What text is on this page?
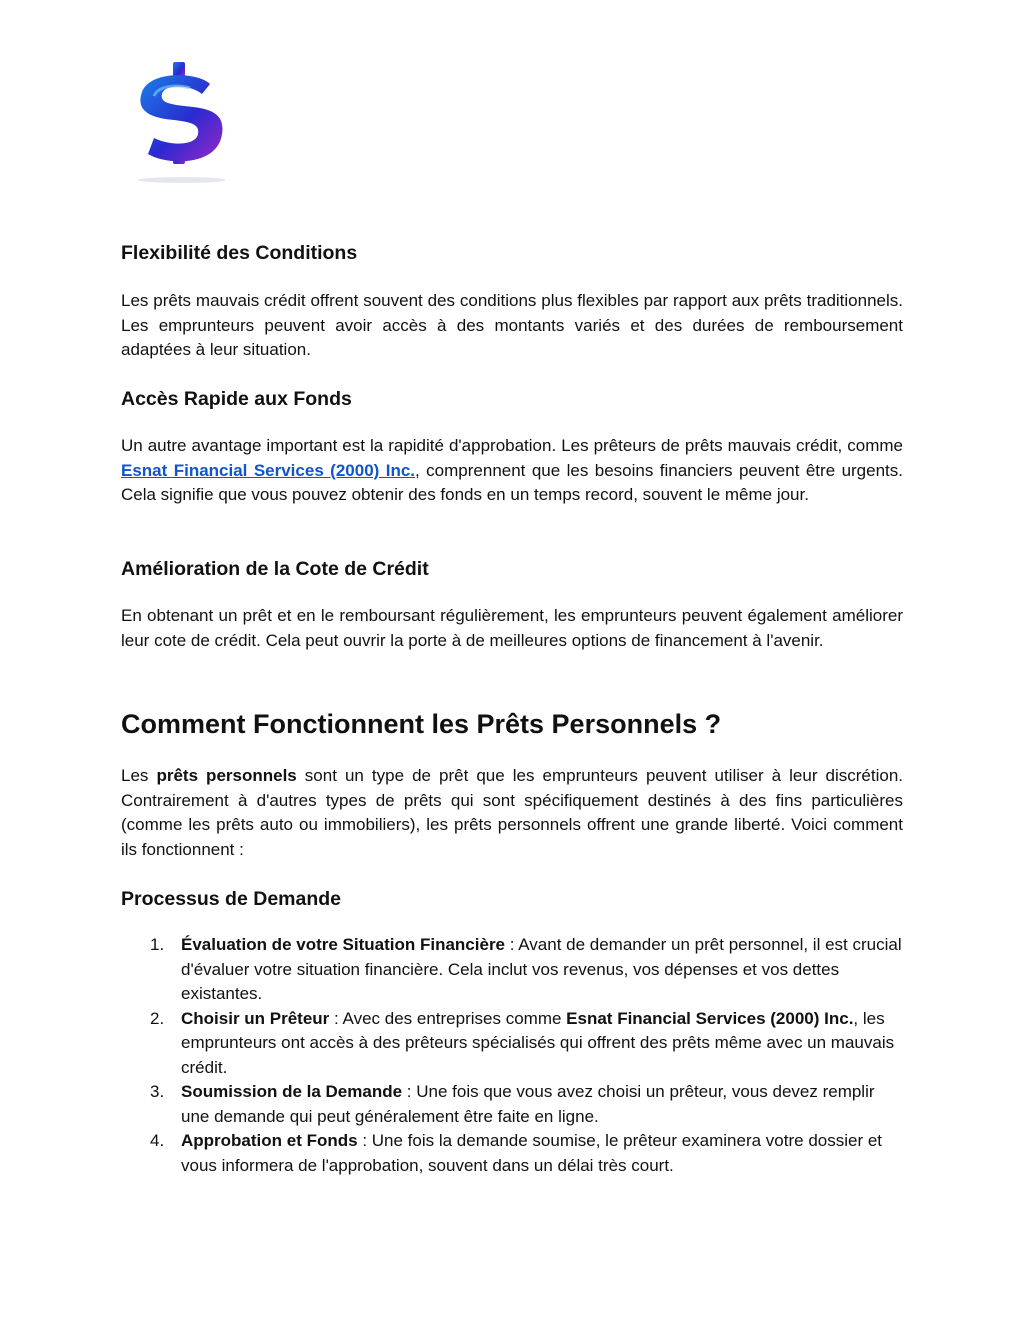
Flexibilité des Conditions

Les prêts mauvais crédit offrent souvent des conditions plus flexibles par rapport aux prêts traditionnels. Les emprunteurs peuvent avoir accès à des montants variés et des durées de remboursement adaptées à leur situation.

Accès Rapide aux Fonds

Un autre avantage important est la rapidité d'approbation. Les prêteurs de prêts mauvais crédit, comme Esnat Financial Services (2000) Inc., comprennent que les besoins financiers peuvent être urgents. Cela signifie que vous pouvez obtenir des fonds en un temps record, souvent le même jour.

Amélioration de la Cote de Crédit

En obtenant un prêt et en le remboursant régulièrement, les emprunteurs peuvent également améliorer leur cote de crédit. Cela peut ouvrir la porte à de meilleures options de financement à l'avenir.

Comment Fonctionnent les Prêts Personnels ?

Les prêts personnels sont un type de prêt que les emprunteurs peuvent utiliser à leur discrétion. Contrairement à d'autres types de prêts qui sont spécifiquement destinés à des fins particulières (comme les prêts auto ou immobiliers), les prêts personnels offrent une grande liberté. Voici comment ils fonctionnent :

Processus de Demande
1. Évaluation de votre Situation Financière : Avant de demander un prêt personnel, il est crucial d'évaluer votre situation financière. Cela inclut vos revenus, vos dépenses et vos dettes existantes.
2. Choisir un Prêteur : Avec des entreprises comme Esnat Financial Services (2000) Inc., les emprunteurs ont accès à des prêteurs spécialisés qui offrent des prêts même avec un mauvais crédit.
3. Soumission de la Demande : Une fois que vous avez choisi un prêteur, vous devez remplir une demande qui peut généralement être faite en ligne.
4. Approbation et Fonds : Une fois la demande soumise, le prêteur examinera votre dossier et vous informera de l'approbation, souvent dans un délai très court.
